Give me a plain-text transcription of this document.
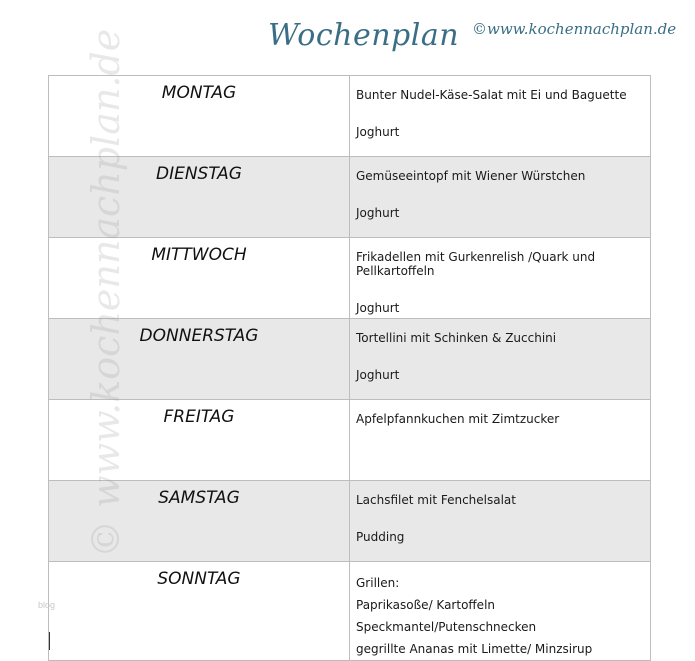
Wochenplan ©www.kochennachplan.de
MONTAG	Bunter Nudel-Käse-Salat mit Ei und Baguette
Joghurt

DIENSTAG	Gemüseeintopf mit Wiener Würstchen
Joghurt

MITTWOCH	Frikadellen mit Gurkenrelish /Quark und Pellkartoffeln
Joghurt

DONNERSTAG	Tortellini mit Schinken & Zucchini
Joghurt

FREITAG	Apfelpfannkuchen mit Zimtzucker

SAMSTAG	Lachsfilet mit Fenchelsalat
Pudding

SONNTAG	Grillen:
Paprikasoße/ Kartoffeln Speckmantel/Putenschnecken
gegrillte Ananas mit Limette/ Minzsirup
© www.kochennachplan.de
blog
